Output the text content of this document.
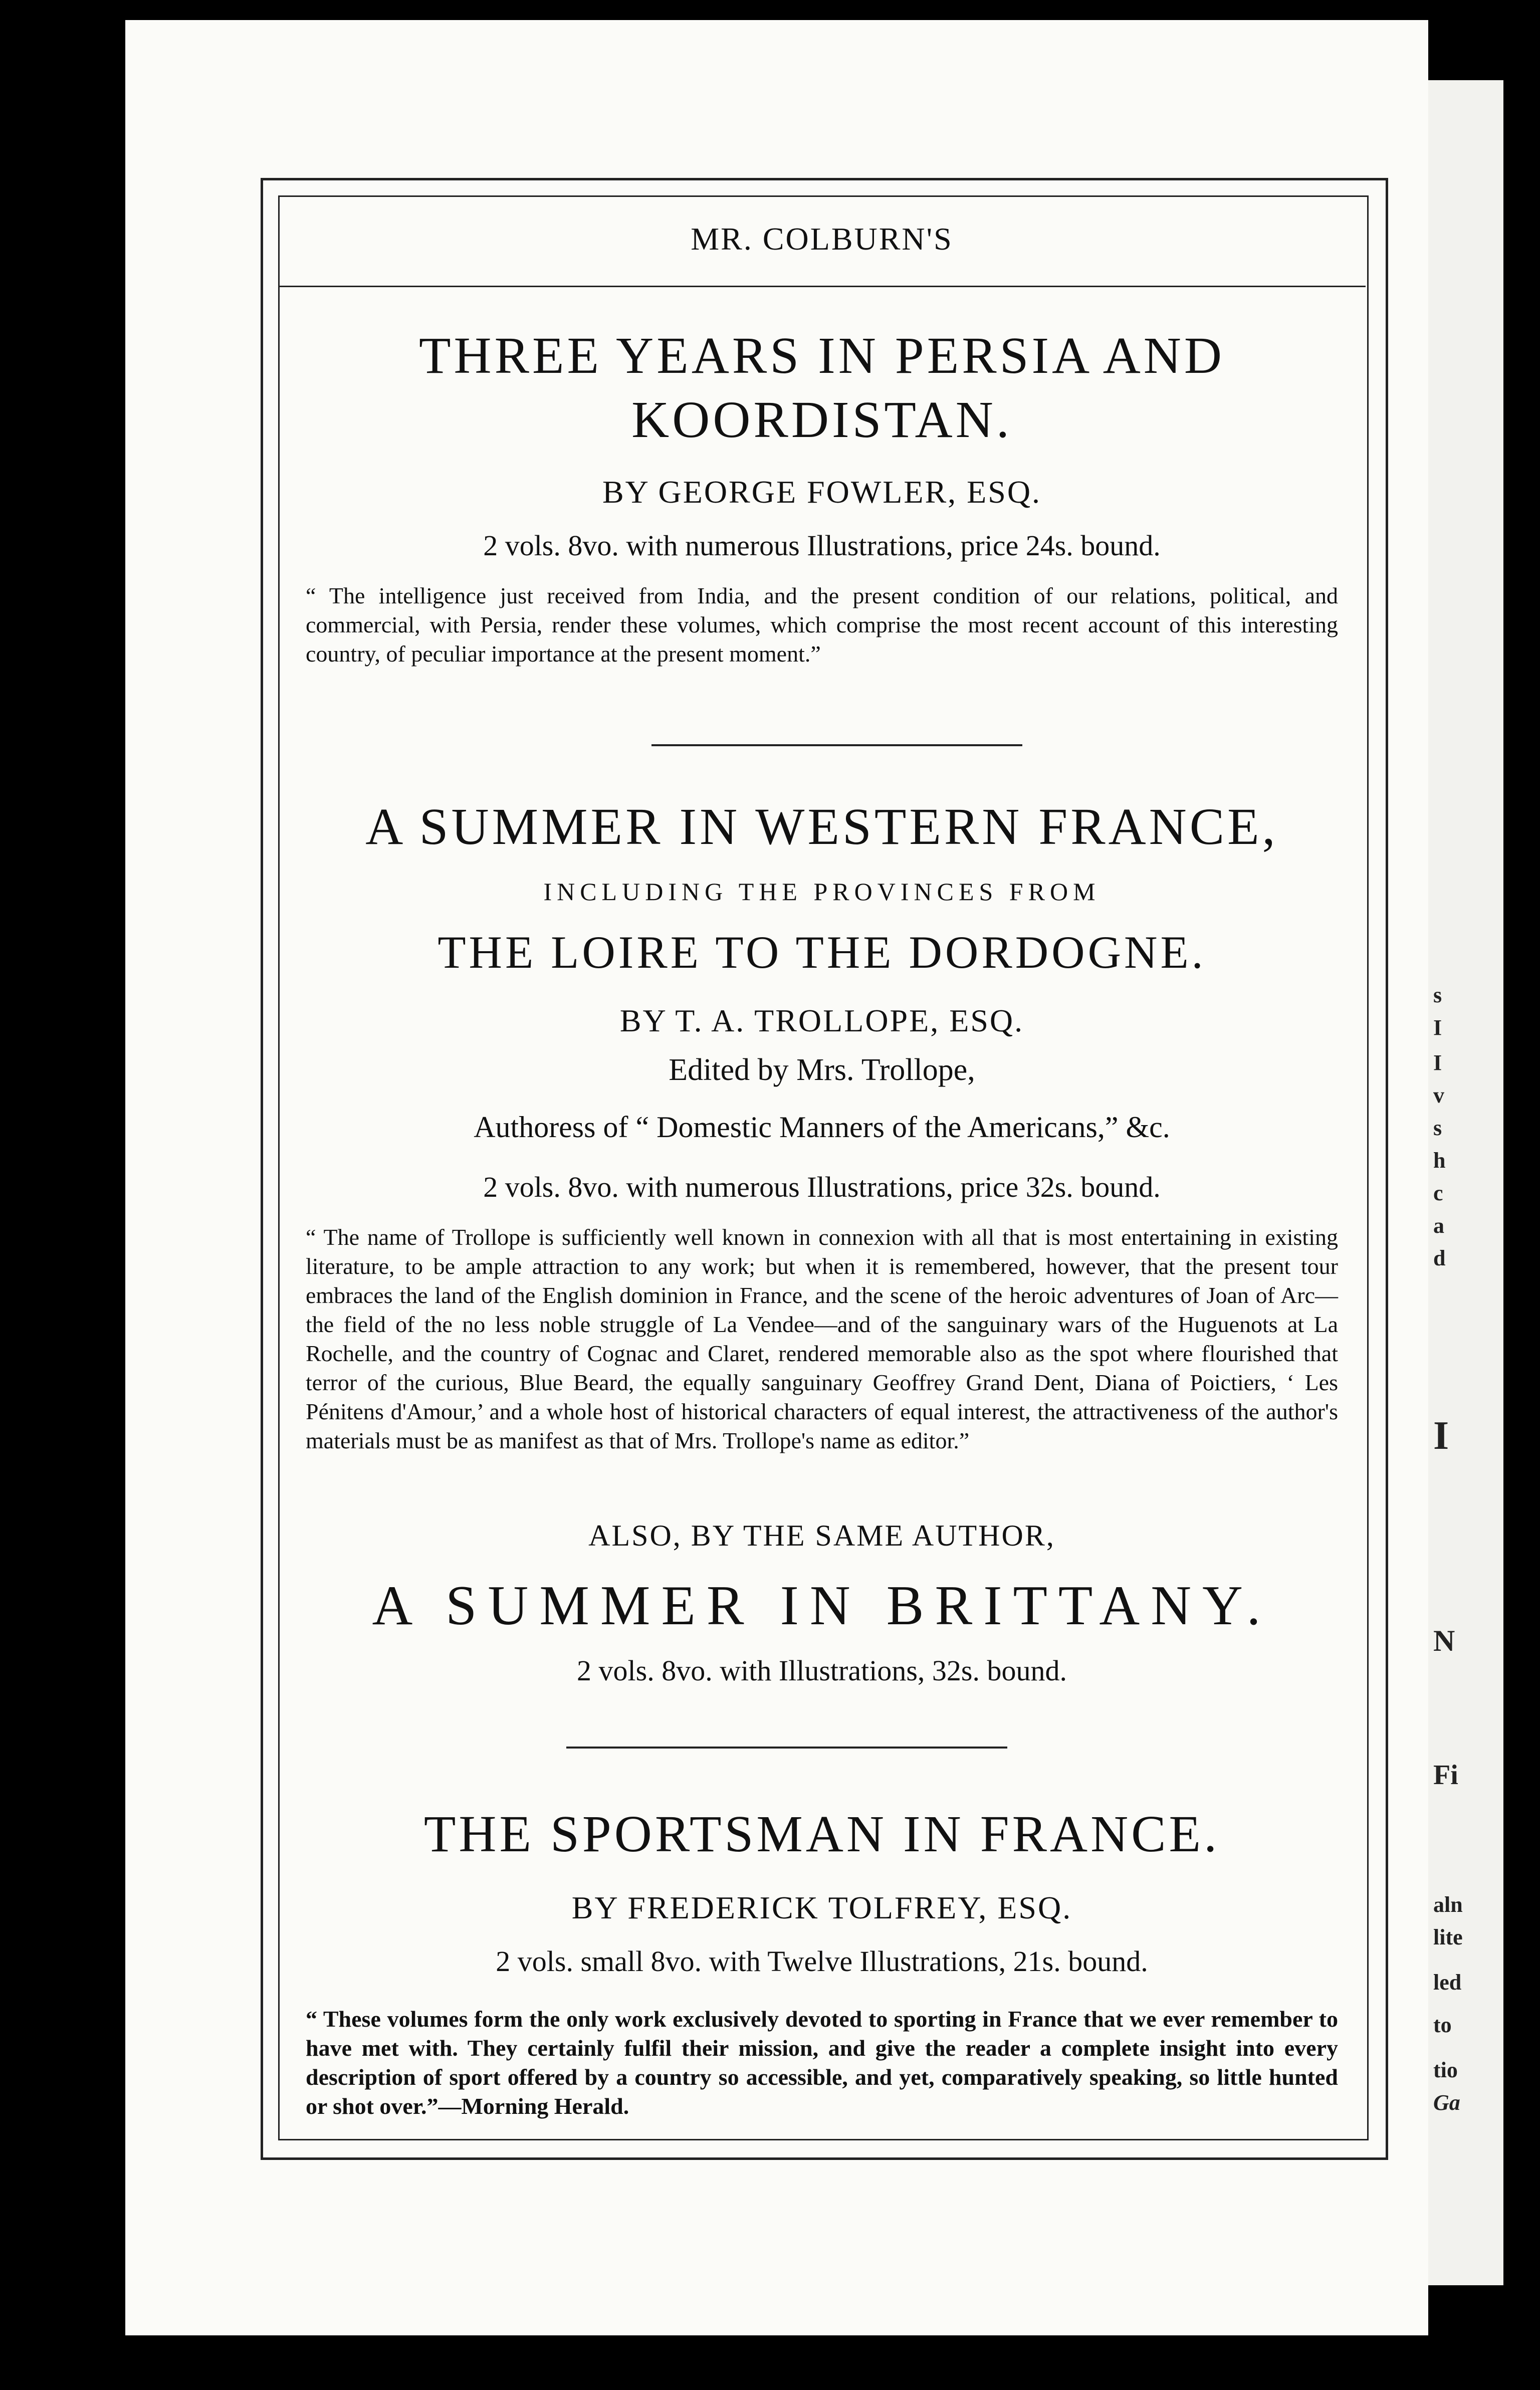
s
I
I
v
s
h
c
a
d
I
N
Fi
aln
lite
led
to
tio
Ga
MR. COLBURN'S
THREE YEARS IN PERSIA AND
KOORDISTAN.
BY GEORGE FOWLER, ESQ.
2 vols. 8vo. with numerous Illustrations, price 24s. bound.
“ The intelligence just received from India, and the present condition of our relations, political, and commercial, with Persia, render these volumes, which comprise the most recent account of this interesting country, of peculiar importance at the present moment.”
A SUMMER IN WESTERN FRANCE,
INCLUDING THE PROVINCES FROM
THE LOIRE TO THE DORDOGNE.
BY T. A. TROLLOPE, ESQ.
Edited by Mrs. Trollope,
Authoress of “ Domestic Manners of the Americans,” &c.
2 vols. 8vo. with numerous Illustrations, price 32s. bound.
“ The name of Trollope is sufficiently well known in connexion with all that is most entertaining in existing literature, to be ample attraction to any work; but when it is remembered, however, that the present tour embraces the land of the English dominion in France, and the scene of the heroic adventures of Joan of Arc—the field of the no less noble struggle of La Vendee—and of the sanguinary wars of the Huguenots at La Rochelle, and the country of Cognac and Claret, rendered memorable also as the spot where flourished that terror of the curious, Blue Beard, the equally sanguinary Geoffrey Grand Dent, Diana of Poictiers, ‘ Les Pénitens d'Amour,’ and a whole host of historical characters of equal interest, the attractiveness of the author's materials must be as manifest as that of Mrs. Trollope's name as editor.”
ALSO, BY THE SAME AUTHOR,
A SUMMER IN BRITTANY.
2 vols. 8vo. with Illustrations, 32s. bound.
THE SPORTSMAN IN FRANCE.
BY FREDERICK TOLFREY, ESQ.
2 vols. small 8vo. with Twelve Illustrations, 21s. bound.
“ These volumes form the only work exclusively devoted to sporting in France that we ever remember to have met with. They certainly fulfil their mission, and give the reader a complete insight into every description of sport offered by a country so accessible, and yet, comparatively speaking, so little hunted or shot over.”—Morning Herald.
